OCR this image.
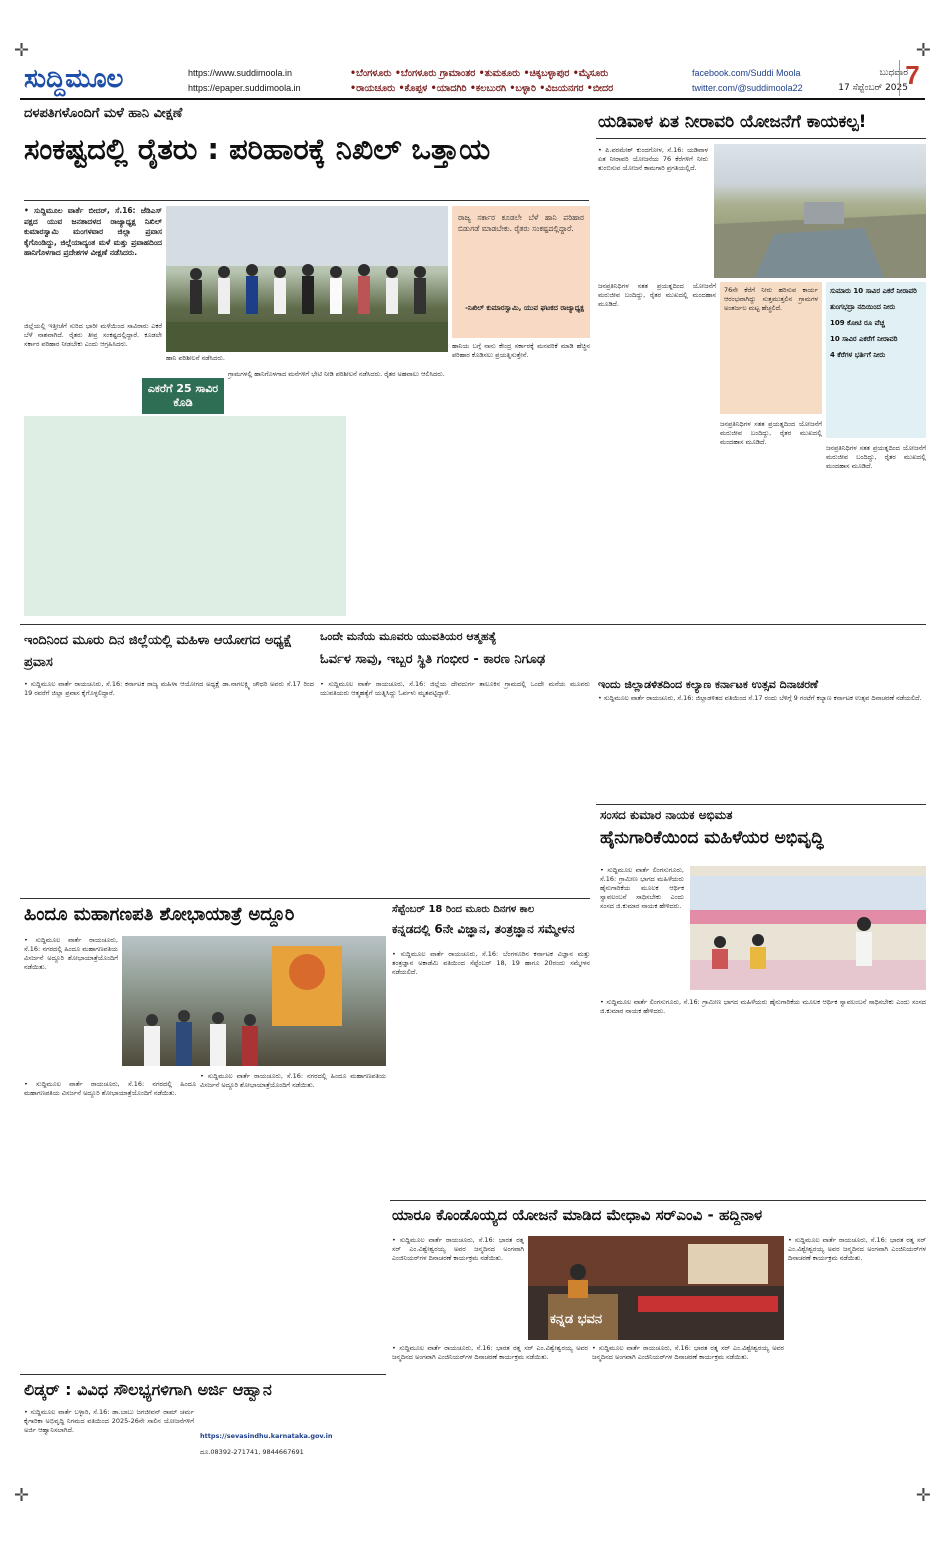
✛	✛
✛	✛
ಸುದ್ದಿಮೂಲ	https://www.suddimoola.in
https://epaper.suddimoola.in
•ಬೆಂಗಳೂರು •ಬೆಂಗಳೂರು ಗ್ರಾಮಾಂತರ •ತುಮಕೂರು •ಚಿಕ್ಕಬಳ್ಳಾಪುರ •ಮೈಸೂರು
•ರಾಯಚೂರು •ಕೊಪ್ಪಳ •ಯಾದಗಿರಿ •ಕಲಬುರಗಿ •ಬಳ್ಳಾರಿ •ವಿಜಯನಗರ •ಬೀದರ
facebook.com/Suddi Moola
twitter.com/@suddimoola22
ಬುಧವಾರ
17 ಸೆಪ್ಟೆಂಬರ್ 2025
7
ದಳಪತಿಗಳೊಂದಿಗೆ ಮಳೆ ಹಾನಿ ವೀಕ್ಷಣೆ
ಸಂಕಷ್ಟದಲ್ಲಿ ರೈತರು : ಪರಿಹಾರಕ್ಕೆ ನಿಖಿಲ್ ಒತ್ತಾಯ
• ಸುದ್ದಿಮೂಲ ವಾರ್ತೆ ಬೀದರ್, ಸೆ.16: ಜೆಡಿಎಸ್ ಪಕ್ಷದ ಯುವ ಜನತಾದಳದ ರಾಜ್ಯಾಧ್ಯಕ್ಷ ನಿಖಿಲ್ ಕುಮಾರಸ್ವಾಮಿ ಮಂಗಳವಾರ ಜಿಲ್ಲಾ ಪ್ರವಾಸ ಕೈಗೊಂಡಿದ್ದು, ಜಿಲ್ಲೆಯಾದ್ಯಂತ ಮಳೆ ಮತ್ತು ಪ್ರವಾಹದಿಂದ ಹಾನಿಗೊಳಗಾದ ಪ್ರದೇಶಗಳ ವೀಕ್ಷಣೆ ನಡೆಸಿದರು.
ಹಾನಿ ಪರಿಶೀಲನೆ ನಡೆಸಿದರು.
ರಾಜ್ಯ ಸರ್ಕಾರ ಕೂಡಲೇ ಬೆಳೆ ಹಾನಿ ಪರಿಹಾರ ಬಿಡುಗಡೆ ಮಾಡಬೇಕು. ರೈತರು ಸಂಕಷ್ಟದಲ್ಲಿದ್ದಾರೆ.
-ನಿಖಿಲ್ ಕುಮಾರಸ್ವಾಮಿ, ಯುವ ಘಟಕದ ರಾಜ್ಯಾಧ್ಯಕ್ಷ
ಜಿಲ್ಲೆಯಲ್ಲಿ ಇತ್ತೀಚೆಗೆ ಸುರಿದ ಭಾರೀ ಮಳೆಯಿಂದ ಸಾವಿರಾರು ಎಕರೆ ಬೆಳೆ ನಾಶವಾಗಿದೆ. ರೈತರು ತೀವ್ರ ಸಂಕಷ್ಟದಲ್ಲಿದ್ದಾರೆ. ಕೂಡಲೇ ಸರ್ಕಾರ ಪರಿಹಾರ ನೀಡಬೇಕು ಎಂದು ಆಗ್ರಹಿಸಿದರು.
ಎಕರೆಗೆ 25 ಸಾವಿರ ಕೊಡಿ
ಗ್ರಾಮಗಳಲ್ಲಿ ಹಾನಿಗೊಳಗಾದ ಮನೆಗಳಿಗೆ ಭೇಟಿ ನೀಡಿ ಪರಿಶೀಲನೆ ನಡೆಸಿದರು. ರೈತರ ಅಹವಾಲು ಆಲಿಸಿದರು.
ಹಾನಿಯ ಬಗ್ಗೆ ನಾನು ಕೇಂದ್ರ ಸರ್ಕಾರಕ್ಕೆ ಮನವರಿಕೆ ಮಾಡಿ ಹೆಚ್ಚಿನ ಪರಿಹಾರ ಕೊಡಿಸಲು ಪ್ರಯತ್ನಿಸುತ್ತೇನೆ.
ಯಡಿವಾಳ ಏತ ನೀರಾವರಿ ಯೋಜನೆಗೆ ಕಾಯಕಲ್ಪ!
• ಪಿ.ಪರಮೇಶ್ ಕುಂದಗೋಳ, ಸೆ.16: ಯಡಿವಾಳ ಏತ ನೀರಾವರಿ ಯೋಜನೆಯ 76 ಕೆರೆಗಳಿಗೆ ನೀರು ತುಂಬಿಸುವ ಯೋಜನೆ ಕಾಮಗಾರಿ ಪ್ರಗತಿಯಲ್ಲಿದೆ.
ಜನಪ್ರತಿನಿಧಿಗಳ ಸತತ ಪ್ರಯತ್ನದಿಂದ ಯೋಜನೆಗೆ ಮರುಜೀವ ಬಂದಿದ್ದು, ರೈತರ ಮುಖದಲ್ಲಿ ಮಂದಹಾಸ ಮೂಡಿದೆ.
76ನೇ ಕೆರೆಗೆ ನೀರು ಹರಿಸುವ ಕಾರ್ಯ ಆರಂಭವಾಗಿದ್ದು ಸುತ್ತಮುತ್ತಲಿನ ಗ್ರಾಮಗಳ ಅಂತರ್ಜಲ ಮಟ್ಟ ಹೆಚ್ಚಲಿದೆ.
ಸುಮಾರು 10 ಸಾವಿರ ಎಕರೆ ನೀರಾವರಿ
ತುಂಗಭದ್ರಾ ನದಿಯಿಂದ ನೀರು
109 ಕೋಟಿ ರೂ ವೆಚ್ಚ
10 ಸಾವಿರ ಎಕರೆಗೆ ನೀರಾವರಿ
4 ಕೆರೆಗಳ ಭರ್ತಿಗೆ ನೀರು
ಜನಪ್ರತಿನಿಧಿಗಳ ಸತತ ಪ್ರಯತ್ನದಿಂದ ಯೋಜನೆಗೆ ಮರುಜೀವ ಬಂದಿದ್ದು, ರೈತರ ಮುಖದಲ್ಲಿ ಮಂದಹಾಸ ಮೂಡಿದೆ.
ಜನಪ್ರತಿನಿಧಿಗಳ ಸತತ ಪ್ರಯತ್ನದಿಂದ ಯೋಜನೆಗೆ ಮರುಜೀವ ಬಂದಿದ್ದು, ರೈತರ ಮುಖದಲ್ಲಿ ಮಂದಹಾಸ ಮೂಡಿದೆ.
ಇಂದಿನಿಂದ ಮೂರು ದಿನ ಜಿಲ್ಲೆಯಲ್ಲಿ ಮಹಿಳಾ ಆಯೋಗದ ಅಧ್ಯಕ್ಷೆ ಪ್ರವಾಸ
• ಸುದ್ದಿಮೂಲ ವಾರ್ತೆ ರಾಯಚೂರು, ಸೆ.16: ಕರ್ನಾಟಕ ರಾಜ್ಯ ಮಹಿಳಾ ಆಯೋಗದ ಅಧ್ಯಕ್ಷೆ ಡಾ.ನಾಗಲಕ್ಷ್ಮಿ ಚೌಧರಿ ಅವರು ಸೆ.17 ರಿಂದ 19 ರವರೆಗೆ ಜಿಲ್ಲಾ ಪ್ರವಾಸ ಕೈಗೊಳ್ಳಲಿದ್ದಾರೆ.
ಒಂದೇ ಮನೆಯ ಮೂವರು ಯುವತಿಯರ ಆತ್ಮಹತ್ಯೆ
ಓರ್ವಳ ಸಾವು, ಇಬ್ಬರ ಸ್ಥಿತಿ ಗಂಭೀರ - ಕಾರಣ ನಿಗೂಢ
• ಸುದ್ದಿಮೂಲ ವಾರ್ತೆ ರಾಯಚೂರು, ಸೆ.16: ಜಿಲ್ಲೆಯ ದೇವದುರ್ಗ ತಾಲೂಕಿನ ಗ್ರಾಮದಲ್ಲಿ ಒಂದೇ ಮನೆಯ ಮೂವರು ಯುವತಿಯರು ಆತ್ಮಹತ್ಯೆಗೆ ಯತ್ನಿಸಿದ್ದು ಓರ್ವಳು ಮೃತಪಟ್ಟಿದ್ದಾಳೆ.
ಇಂದು ಜಿಲ್ಲಾಡಳಿತದಿಂದ ಕಲ್ಯಾಣ ಕರ್ನಾಟಕ ಉತ್ಸವ ದಿನಾಚರಣೆ
• ಸುದ್ದಿಮೂಲ ವಾರ್ತೆ ರಾಯಚೂರು, ಸೆ.16: ಜಿಲ್ಲಾಡಳಿತದ ವತಿಯಿಂದ ಸೆ.17 ರಂದು ಬೆಳಿಗ್ಗೆ 9 ಗಂಟೆಗೆ ಕಲ್ಯಾಣ ಕರ್ನಾಟಕ ಉತ್ಸವ ದಿನಾಚರಣೆ ನಡೆಯಲಿದೆ.
ಸಂಸದ ಕುಮಾರ ನಾಯಕ ಅಭಿಮತ
ಹೈನುಗಾರಿಕೆಯಿಂದ ಮಹಿಳೆಯರ ಅಭಿವೃದ್ಧಿ
• ಸುದ್ದಿಮೂಲ ವಾರ್ತೆ ಲಿಂಗಸುಗೂರು, ಸೆ.16: ಗ್ರಾಮೀಣ ಭಾಗದ ಮಹಿಳೆಯರು ಹೈನುಗಾರಿಕೆಯ ಮೂಲಕ ಆರ್ಥಿಕ ಸ್ವಾವಲಂಬನೆ ಸಾಧಿಸಬೇಕು ಎಂದು ಸಂಸದ ಜಿ.ಕುಮಾರ ನಾಯಕ ಹೇಳಿದರು.
• ಸುದ್ದಿಮೂಲ ವಾರ್ತೆ ಲಿಂಗಸುಗೂರು, ಸೆ.16: ಗ್ರಾಮೀಣ ಭಾಗದ ಮಹಿಳೆಯರು ಹೈನುಗಾರಿಕೆಯ ಮೂಲಕ ಆರ್ಥಿಕ ಸ್ವಾವಲಂಬನೆ ಸಾಧಿಸಬೇಕು ಎಂದು ಸಂಸದ ಜಿ.ಕುಮಾರ ನಾಯಕ ಹೇಳಿದರು.
ಹಿಂದೂ ಮಹಾಗಣಪತಿ ಶೋಭಾಯಾತ್ರೆ ಅದ್ದೂರಿ
• ಸುದ್ದಿಮೂಲ ವಾರ್ತೆ ರಾಯಚೂರು, ಸೆ.16: ನಗರದಲ್ಲಿ ಹಿಂದೂ ಮಹಾಗಣಪತಿಯ ವಿಸರ್ಜನೆ ಅದ್ದೂರಿ ಶೋಭಾಯಾತ್ರೆಯೊಂದಿಗೆ ನಡೆಯಿತು.
• ಸುದ್ದಿಮೂಲ ವಾರ್ತೆ ರಾಯಚೂರು, ಸೆ.16: ನಗರದಲ್ಲಿ ಹಿಂದೂ ಮಹಾಗಣಪತಿಯ ವಿಸರ್ಜನೆ ಅದ್ದೂರಿ ಶೋಭಾಯಾತ್ರೆಯೊಂದಿಗೆ ನಡೆಯಿತು.
• ಸುದ್ದಿಮೂಲ ವಾರ್ತೆ ರಾಯಚೂರು, ಸೆ.16: ನಗರದಲ್ಲಿ ಹಿಂದೂ ಮಹಾಗಣಪತಿಯ ವಿಸರ್ಜನೆ ಅದ್ದೂರಿ ಶೋಭಾಯಾತ್ರೆಯೊಂದಿಗೆ ನಡೆಯಿತು.
ಸೆಪ್ಟೆಂಬರ್ 18 ರಿಂದ ಮೂರು ದಿನಗಳ ಕಾಲ
ಕನ್ನಡದಲ್ಲಿ 6ನೇ ವಿಜ್ಞಾನ, ತಂತ್ರಜ್ಞಾನ ಸಮ್ಮೇಳನ
• ಸುದ್ದಿಮೂಲ ವಾರ್ತೆ ರಾಯಚೂರು, ಸೆ.16: ಬೆಂಗಳೂರಿನ ಕರ್ನಾಟಕ ವಿಜ್ಞಾನ ಮತ್ತು ತಂತ್ರಜ್ಞಾನ ಅಕಾಡೆಮಿ ವತಿಯಿಂದ ಸೆಪ್ಟೆಂಬರ್ 18, 19 ಹಾಗೂ 20ರಂದು ಸಮ್ಮೇಳನ ನಡೆಯಲಿದೆ.
ಯಾರೂ ಕೊಂಡೊಯ್ಯದ ಯೋಜನೆ ಮಾಡಿದ ಮೇಧಾವಿ ಸರ್‌ಎಂವಿ - ಹದ್ದಿನಾಳ
• ಸುದ್ದಿಮೂಲ ವಾರ್ತೆ ರಾಯಚೂರು, ಸೆ.16: ಭಾರತ ರತ್ನ ಸರ್ ಎಂ.ವಿಶ್ವೇಶ್ವರಯ್ಯ ಅವರ ಜನ್ಮದಿನದ ಅಂಗವಾಗಿ ಎಂಜಿನಿಯರ್‌ಗಳ ದಿನಾಚರಣೆ ಕಾರ್ಯಕ್ರಮ ನಡೆಯಿತು.
ಕನ್ನಡ ಭವನ
• ಸುದ್ದಿಮೂಲ ವಾರ್ತೆ ರಾಯಚೂರು, ಸೆ.16: ಭಾರತ ರತ್ನ ಸರ್ ಎಂ.ವಿಶ್ವೇಶ್ವರಯ್ಯ ಅವರ ಜನ್ಮದಿನದ ಅಂಗವಾಗಿ ಎಂಜಿನಿಯರ್‌ಗಳ ದಿನಾಚರಣೆ ಕಾರ್ಯಕ್ರಮ ನಡೆಯಿತು.
• ಸುದ್ದಿಮೂಲ ವಾರ್ತೆ ರಾಯಚೂರು, ಸೆ.16: ಭಾರತ ರತ್ನ ಸರ್ ಎಂ.ವಿಶ್ವೇಶ್ವರಯ್ಯ ಅವರ ಜನ್ಮದಿನದ ಅಂಗವಾಗಿ ಎಂಜಿನಿಯರ್‌ಗಳ ದಿನಾಚರಣೆ ಕಾರ್ಯಕ್ರಮ ನಡೆಯಿತು.
• ಸುದ್ದಿಮೂಲ ವಾರ್ತೆ ರಾಯಚೂರು, ಸೆ.16: ಭಾರತ ರತ್ನ ಸರ್ ಎಂ.ವಿಶ್ವೇಶ್ವರಯ್ಯ ಅವರ ಜನ್ಮದಿನದ ಅಂಗವಾಗಿ ಎಂಜಿನಿಯರ್‌ಗಳ ದಿನಾಚರಣೆ ಕಾರ್ಯಕ್ರಮ ನಡೆಯಿತು.
ಲಿಡ್ಕರ್ : ವಿವಿಧ ಸೌಲಭ್ಯಗಳಿಗಾಗಿ ಅರ್ಜಿ ಆಹ್ವಾನ
• ಸುದ್ದಿಮೂಲ ವಾರ್ತೆ ಬಳ್ಳಾರಿ, ಸೆ.16: ಡಾ.ಬಾಬು ಜಗಜೀವನ್ ರಾಮ್ ಚರ್ಮ ಕೈಗಾರಿಕಾ ಅಭಿವೃದ್ಧಿ ನಿಗಮದ ವತಿಯಿಂದ 2025-26ನೇ ಸಾಲಿನ ಯೋಜನೆಗಳಿಗೆ ಅರ್ಜಿ ಆಹ್ವಾನಿಸಲಾಗಿದೆ.
https://sevasindhu.karnataka.gov.in
ದೂ.08392-271741, 9844667691
